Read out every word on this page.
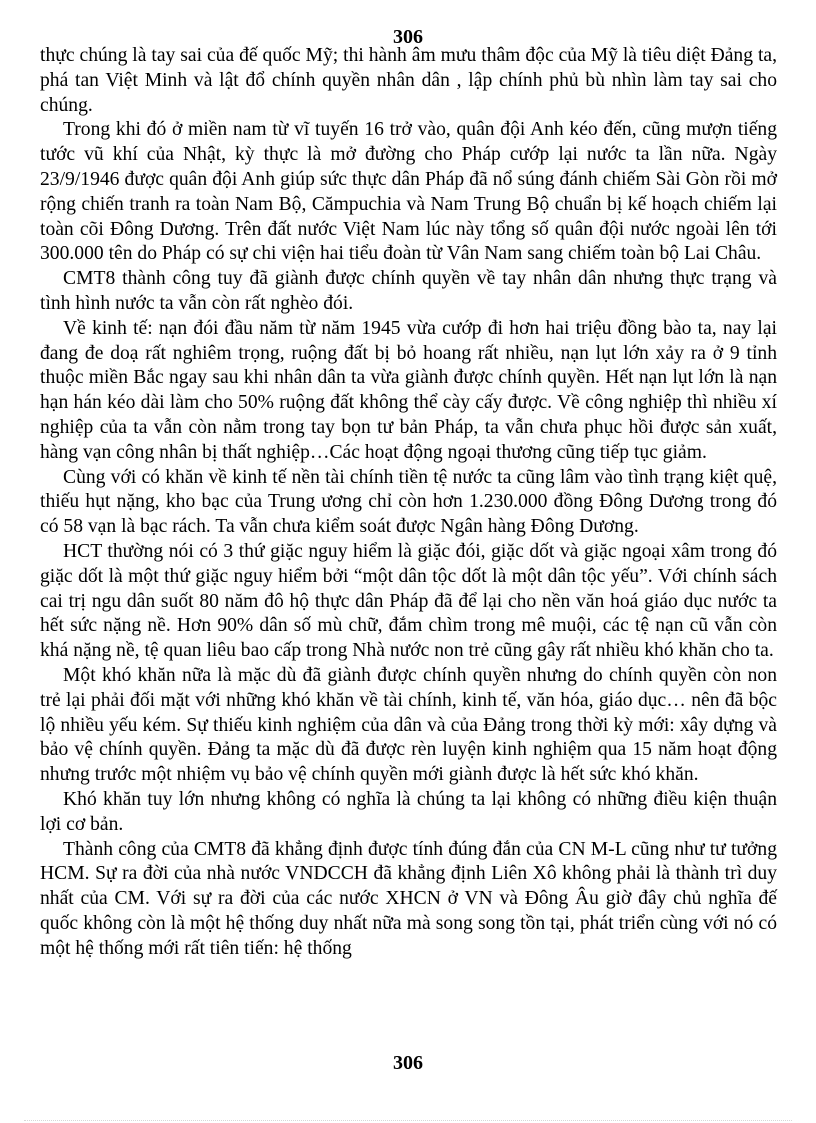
306

thực chúng là tay sai của đế quốc Mỹ; thi hành âm mưu thâm độc của Mỹ là tiêu diệt Đảng ta, phá tan Việt Minh và lật đổ chính quyền nhân dân , lập chính phủ bù nhìn làm tay sai cho chúng.

Trong khi đó ở miền nam từ vĩ tuyến 16 trở vào, quân đội Anh kéo đến, cũng mượn tiếng tước vũ khí của Nhật, kỳ thực là mở đường cho Pháp cướp lại nước ta lần nữa. Ngày 23/9/1946 được quân đội Anh giúp sức thực dân Pháp đã nổ súng đánh chiếm Sài Gòn rồi mở rộng chiến tranh ra toàn Nam Bộ, Cămpuchia và Nam Trung Bộ chuẩn bị kế hoạch chiếm lại toàn cõi Đông Dương. Trên đất nước Việt Nam lúc này tổng số quân đội nước ngoài lên tới 300.000 tên do Pháp có sự chi viện hai tiểu đoàn từ Vân Nam sang chiếm toàn bộ Lai Châu.

CMT8 thành công tuy đã giành được chính quyền về tay nhân dân nhưng thực trạng và tình hình nước ta vẫn còn rất nghèo đói.

Về kinh tế: nạn đói đầu năm từ năm 1945 vừa cướp đi hơn hai triệu đồng bào ta, nay lại đang đe doạ rất nghiêm trọng, ruộng đất bị bỏ hoang rất nhiều, nạn lụt lớn xảy ra ở 9 tỉnh thuộc miền Bắc ngay sau khi nhân dân ta vừa giành được chính quyền. Hết nạn lụt lớn là nạn hạn hán kéo dài làm cho 50% ruộng đất không thể cày cấy được. Về công nghiệp thì nhiều xí nghiệp của ta vẫn còn nằm trong tay bọn tư bản Pháp, ta vẫn chưa phục hồi được sản xuất, hàng vạn công nhân bị thất nghiệp…Các hoạt động ngoại thương cũng tiếp tục giảm.

Cùng với có khăn về kinh tế nền tài chính tiền tệ nước ta cũng lâm vào tình trạng kiệt quệ, thiếu hụt nặng, kho bạc của Trung ương chỉ còn hơn 1.230.000 đồng Đông Dương trong đó có 58 vạn là bạc rách. Ta vẫn chưa kiểm soát được Ngân hàng Đông Dương.

HCT thường nói có 3 thứ giặc nguy hiểm là giặc đói, giặc dốt và giặc ngoại xâm trong đó giặc dốt là một thứ giặc nguy hiểm bởi “một dân tộc dốt là một dân tộc yếu”. Với chính sách cai trị ngu dân suốt 80 năm đô hộ thực dân Pháp đã để lại cho nền văn hoá giáo dục nước ta hết sức nặng nề. Hơn 90% dân số mù chữ, đắm chìm trong mê muội, các tệ nạn cũ vẫn còn khá nặng nề, tệ quan liêu bao cấp trong Nhà nước non trẻ cũng gây rất nhiều khó khăn cho ta.

Một khó khăn nữa là mặc dù đã giành được chính quyền nhưng do chính quyền còn non trẻ lại phải đối mặt với những khó khăn về tài chính, kinh tế, văn hóa, giáo dục… nên đã bộc lộ nhiều yếu kém. Sự thiếu kinh nghiệm của dân và của Đảng trong thời kỳ mới: xây dựng và bảo vệ chính quyền. Đảng ta mặc dù đã được rèn luyện kinh nghiệm qua 15 năm hoạt động nhưng trước một nhiệm vụ bảo vệ chính quyền mới giành được là hết sức khó khăn.

Khó khăn tuy lớn nhưng không có nghĩa là chúng ta lại không có những điều kiện thuận lợi cơ bản.

Thành công của CMT8 đã khẳng định được tính đúng đắn của CN M-L cũng như tư tưởng HCM. Sự ra đời của nhà nước VNDCCH đã khẳng định Liên Xô không phải là thành trì duy nhất của CM. Với sự ra đời của các nước XHCN ở VN và Đông Âu giờ đây chủ nghĩa đế quốc không còn là một hệ thống duy nhất nữa mà song song tồn tại, phát triển cùng với nó có một hệ thống mới rất tiên tiến: hệ thống

306
